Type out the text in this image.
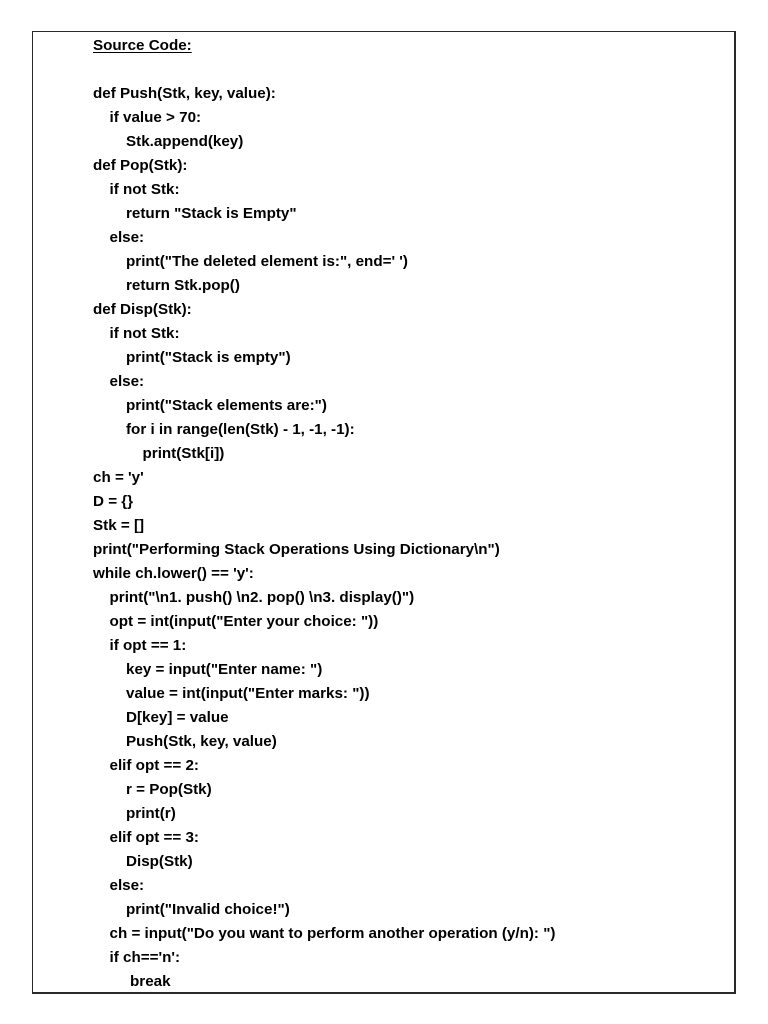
Source Code:
def Push(Stk, key, value):
if value > 70:
Stk.append(key)
def Pop(Stk):
if not Stk:
return "Stack is Empty"
else:
print("The deleted element is:", end=' ')
return Stk.pop()
def Disp(Stk):
if not Stk:
print("Stack is empty")
else:
print("Stack elements are:")
for i in range(len(Stk) - 1, -1, -1):
print(Stk[i])
ch = 'y'
D = {}
Stk = []
print("Performing Stack Operations Using Dictionary\n")
while ch.lower() == 'y':
print("\n1. push() \n2. pop() \n3. display()")
opt = int(input("Enter your choice: "))
if opt == 1:
key = input("Enter name: ")
value = int(input("Enter marks: "))
D[key] = value
Push(Stk, key, value)
elif opt == 2:
r = Pop(Stk)
print(r)
elif opt == 3:
Disp(Stk)
else:
print("Invalid choice!")
ch = input("Do you want to perform another operation (y/n): ")
if ch=='n':
break
